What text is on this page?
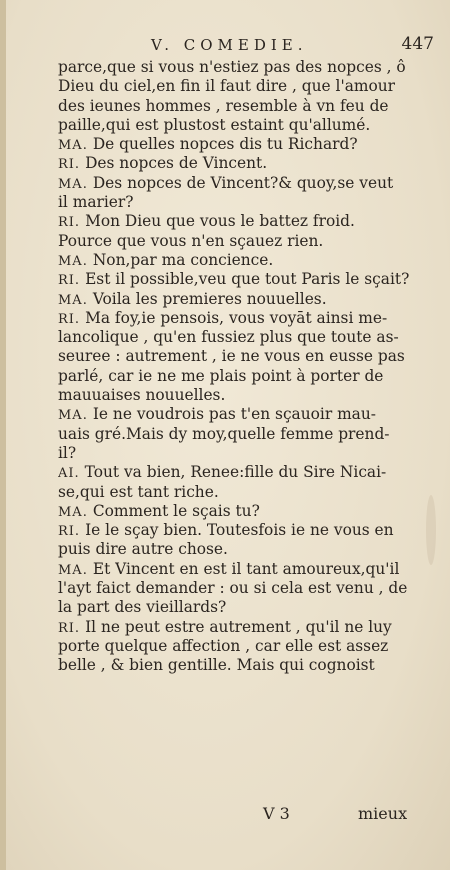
V. COMEDIE.	447
parce,que si vous n'estiez pas des nopces , ô
Dieu du ciel,en fin il faut dire , que l'amour
des ieunes hommes , resemble à vn feu de
paille,qui est plustost estaint qu'allumé.
MA. De quelles nopces dis tu Richard?
RI. Des nopces de Vincent.
MA. Des nopces de Vincent?& quoy,se veut
il marier?
RI. Mon Dieu que vous le battez froid.
Pource que vous n'en sçauez rien.
MA. Non,par ma concience.
RI. Est il possible,veu que tout Paris le sçait?
MA. Voila les premieres nouuelles.
RI. Ma foy,ie pensois, vous voyāt ainsi me-
lancolique , qu'en fussiez plus que toute as-
seuree : autrement , ie ne vous en eusse pas
parlé, car ie ne me plais point à porter de
mauuaises nouuelles.
MA. Ie ne voudrois pas t'en sçauoir mau-
uais gré.Mais dy moy,quelle femme prend-
il?
AI. Tout va bien, Renee:fille du Sire Nicai-
se,qui est tant riche.
MA. Comment le sçais tu?
RI. Ie le sçay bien. Toutesfois ie ne vous en
puis dire autre chose.
MA. Et Vincent en est il tant amoureux,qu'il
l'ayt faict demander : ou si cela est venu , de
la part des vieillards?
RI. Il ne peut estre autrement , qu'il ne luy
porte quelque affection , car elle est assez
belle , & bien gentille. Mais qui cognoist
V 3	mieux
